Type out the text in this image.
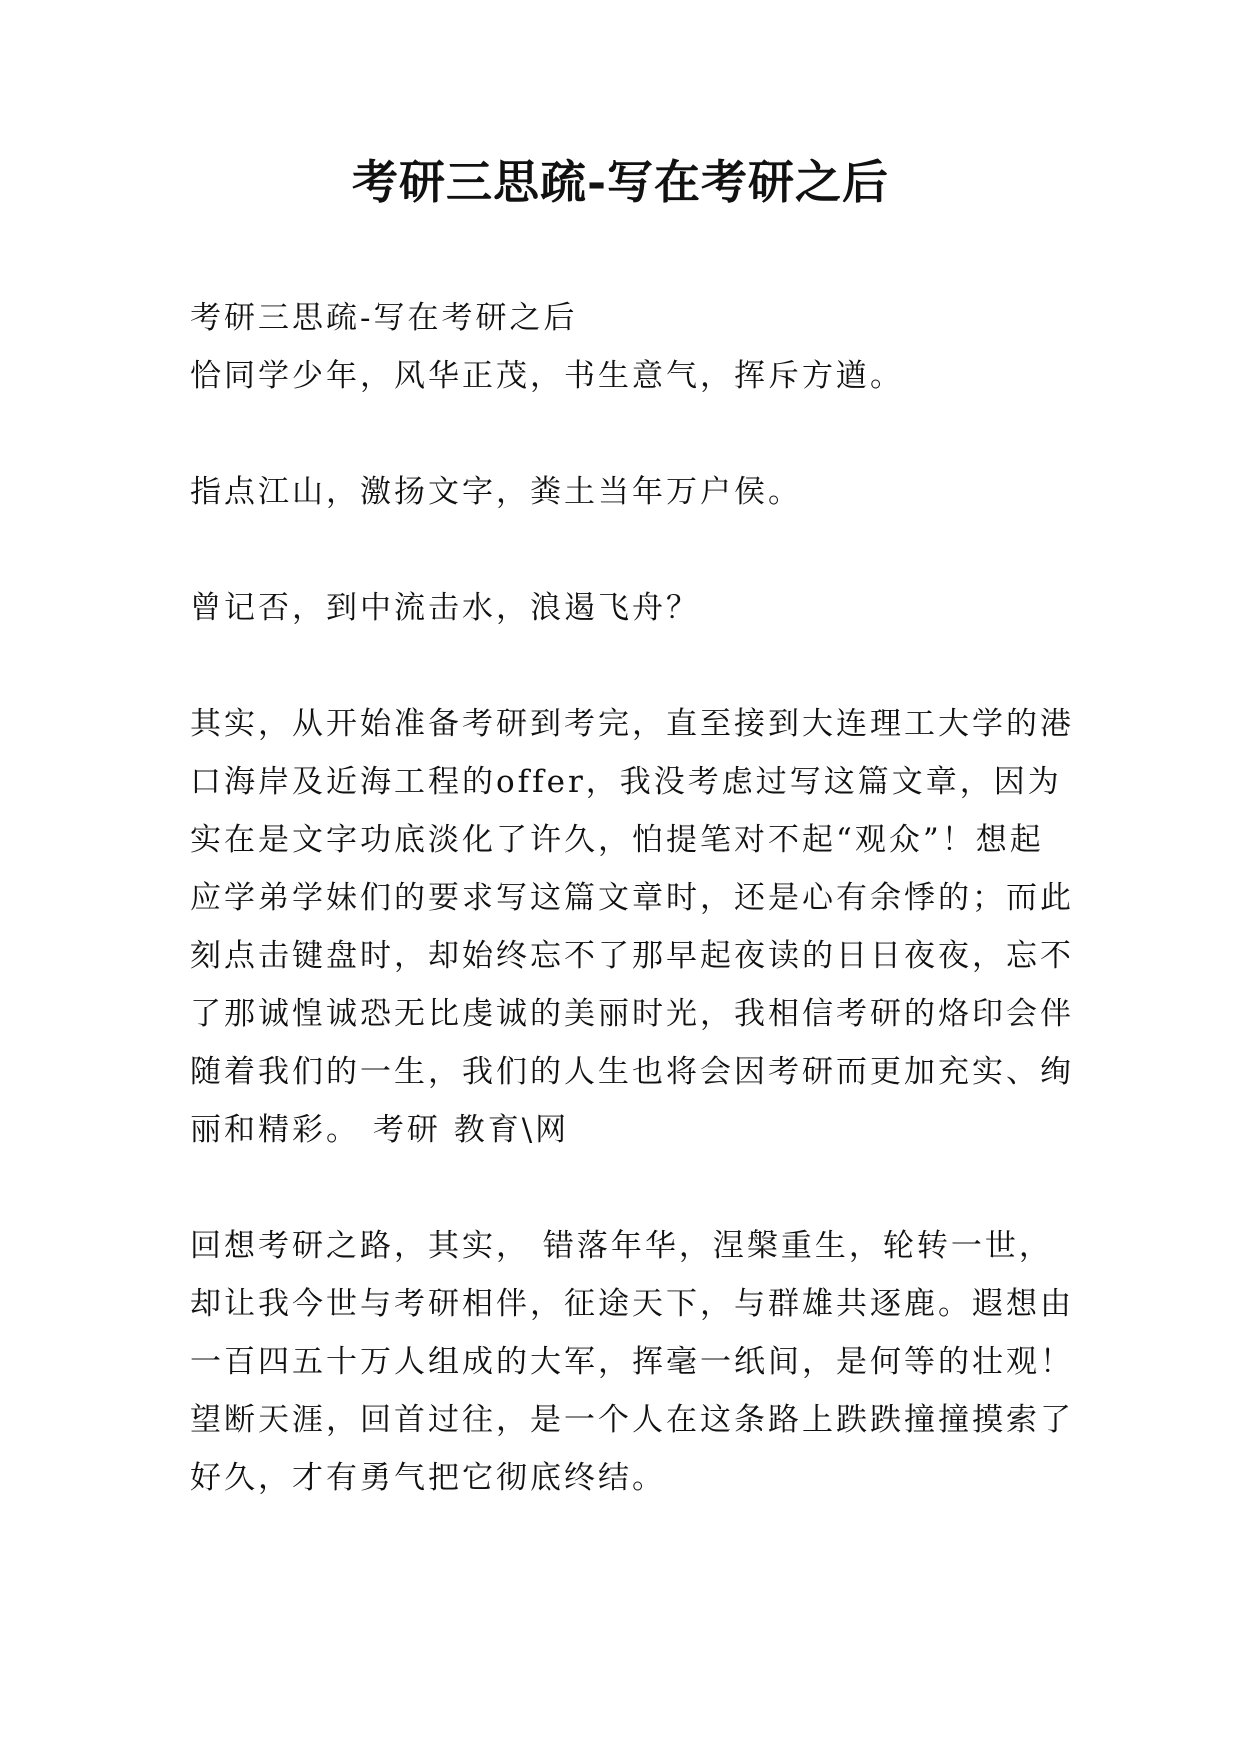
考研三思疏-写在考研之后

考研三思疏-写在考研之后

恰同学少年，风华正茂，书生意气，挥斥方遒。

指点江山，激扬文字，粪土当年万户侯。

曾记否，到中流击水，浪遏飞舟？

其实，从开始准备考研到考完，直至接到大连理工大学的港
口海岸及近海工程的offer，我没考虑过写这篇文章，因为
实在是文字功底淡化了许久，怕提笔对不起“观众”！想起
应学弟学妹们的要求写这篇文章时，还是心有余悸的；而此
刻点击键盘时，却始终忘不了那早起夜读的日日夜夜，忘不
了那诚惶诚恐无比虔诚的美丽时光，我相信考研的烙印会伴
随着我们的一生，我们的人生也将会因考研而更加充实、绚
丽和精彩。 考研 教育\网

回想考研之路，其实， 错落年华，涅槃重生，轮转一世，
却让我今世与考研相伴，征途天下，与群雄共逐鹿。遐想由
一百四五十万人组成的大军，挥毫一纸间，是何等的壮观！
望断天涯，回首过往，是一个人在这条路上跌跌撞撞摸索了
好久，才有勇气把它彻底终结。
